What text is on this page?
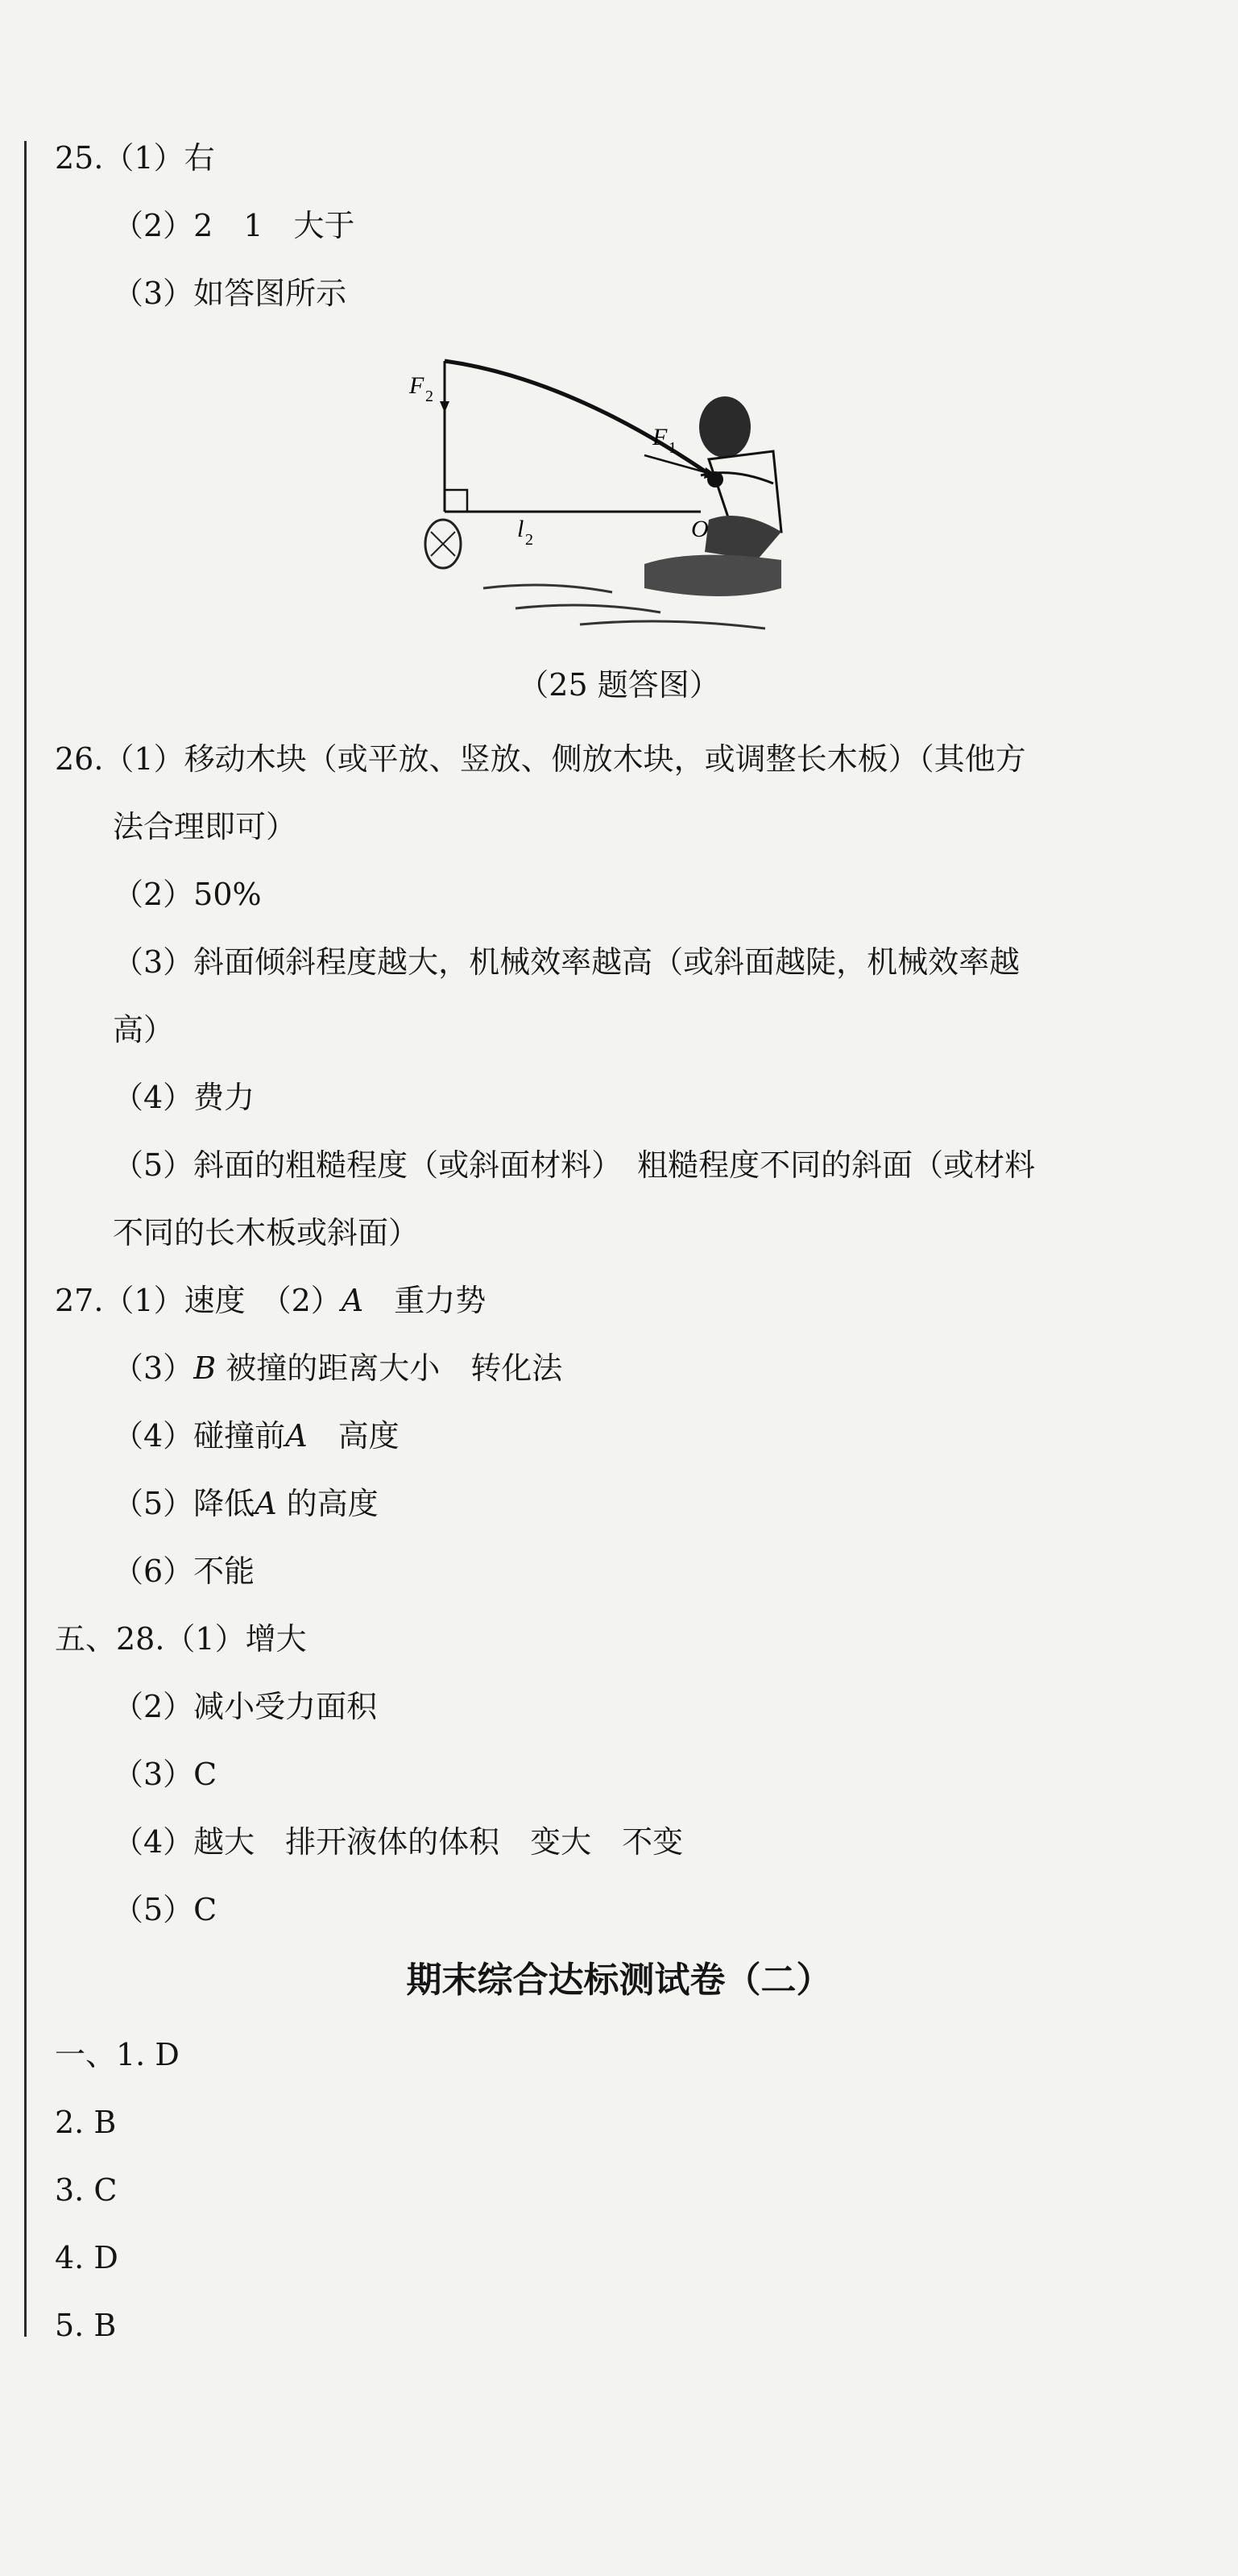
25.（1）右
（2）2　1　大于
（3）如答图所示
F 2
F 1
l 2	O
（25 题答图）
26.（1）移动木块（或平放、竖放、侧放木块，或调整长木板）（其他方
法合理即可）
（2）50%
（3）斜面倾斜程度越大，机械效率越高（或斜面越陡，机械效率越
高）
（4）费力
（5）斜面的粗糙程度（或斜面材料）　粗糙程度不同的斜面（或材料
不同的长木板或斜面）
27.（1）速度　（2）A　重力势
（3）B 被撞的距离大小　转化法
（4）碰撞前A　高度
（5）降低A 的高度
（6）不能
五、28.（1）增大
（2）减小受力面积
（3）C
（4）越大　排开液体的体积　变大　不变
（5）C
期末综合达标测试卷（二）
一、1. D
2. B
3. C
4. D
5. B
